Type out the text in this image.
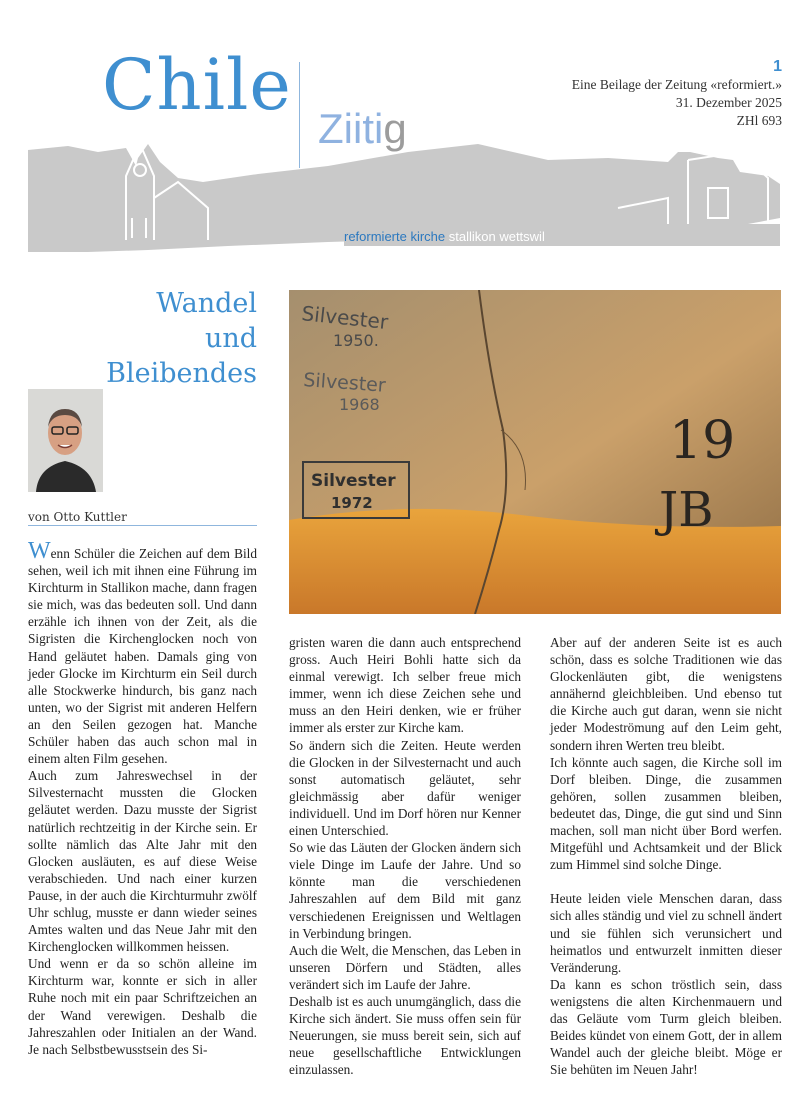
Chile
Ziitig
1
Eine Beilage der Zeitung «reformiert.»
31. Dezember 2025
ZHl 693
reformierte kirche stallikon wettswil
Wandel
und
Bleibendes
von Otto Kuttler
Silvester
1950.
Silvester
1968
Silvester
1972
19
JB

Wenn Schüler die Zeichen auf dem Bild sehen, weil ich mit ihnen eine Führung im Kirchturm in Stallikon mache, dann fragen sie mich, was das bedeuten soll. Und dann erzähle ich ihnen von der Zeit, als die Sigristen die Kirchenglocken noch von Hand geläutet haben. Damals ging von jeder Glocke im Kirchturm ein Seil durch alle Stockwerke hindurch, bis ganz nach unten, wo der Sigrist mit anderen Helfern an den Seilen gezogen hat. Manche Schüler haben das auch schon mal in einem alten Film gesehen.

Auch zum Jahreswechsel in der Silvesternacht mussten die Glocken geläutet werden. Dazu musste der Sigrist natürlich rechtzeitig in der Kirche sein. Er sollte nämlich das Alte Jahr mit den Glocken ausläuten, es auf diese Weise verabschieden. Und nach einer kurzen Pause, in der auch die Kirchturmuhr zwölf Uhr schlug, musste er dann wieder seines Amtes walten und das Neue Jahr mit den Kirchenglocken willkommen heissen.

Und wenn er da so schön alleine im Kirchturm war, konnte er sich in aller Ruhe noch mit ein paar Schriftzeichen an der Wand verewigen. Deshalb die Jahreszahlen oder Initialen an der Wand. Je nach Selbstbewusstsein des Si-

gristen waren die dann auch entsprechend gross. Auch Heiri Bohli hatte sich da einmal verewigt. Ich selber freue mich immer, wenn ich diese Zeichen sehe und muss an den Heiri denken, wie er früher immer als erster zur Kirche kam.

So ändern sich die Zeiten. Heute werden die Glocken in der Silvesternacht und auch sonst automatisch geläutet, sehr gleichmässig aber dafür weniger individuell. Und im Dorf hören nur Kenner einen Unterschied.

So wie das Läuten der Glocken ändern sich viele Dinge im Laufe der Jahre. Und so könnte man die verschiedenen Jahreszahlen auf dem Bild mit ganz verschiedenen Ereignissen und Weltlagen in Verbindung bringen.

Auch die Welt, die Menschen, das Leben in unseren Dörfern und Städten, alles verändert sich im Laufe der Jahre.

Deshalb ist es auch unumgänglich, dass die Kirche sich ändert. Sie muss offen sein für Neuerungen, sie muss bereit sein, sich auf neue gesellschaftliche Entwicklungen einzulassen.

Aber auf der anderen Seite ist es auch schön, dass es solche Traditionen wie das Glockenläuten gibt, die wenigstens annähernd gleichbleiben. Und ebenso tut die Kirche auch gut daran, wenn sie nicht jeder Modeströmung auf den Leim geht, sondern ihren Werten treu bleibt.

Ich könnte auch sagen, die Kirche soll im Dorf bleiben. Dinge, die zusammen gehören, sollen zusammen bleiben, bedeutet das, Dinge, die gut sind und Sinn machen, soll man nicht über Bord werfen. Mitgefühl und Achtsamkeit und der Blick zum Himmel sind solche Dinge.

Heute leiden viele Menschen daran, dass sich alles ständig und viel zu schnell ändert und sie fühlen sich verunsichert und heimatlos und entwurzelt inmitten dieser Veränderung.

Da kann es schon tröstlich sein, dass wenigstens die alten Kirchenmauern und das Geläute vom Turm gleich bleiben. Beides kündet von einem Gott, der in allem Wandel auch der gleiche bleibt. Möge er Sie behüten im Neuen Jahr!
